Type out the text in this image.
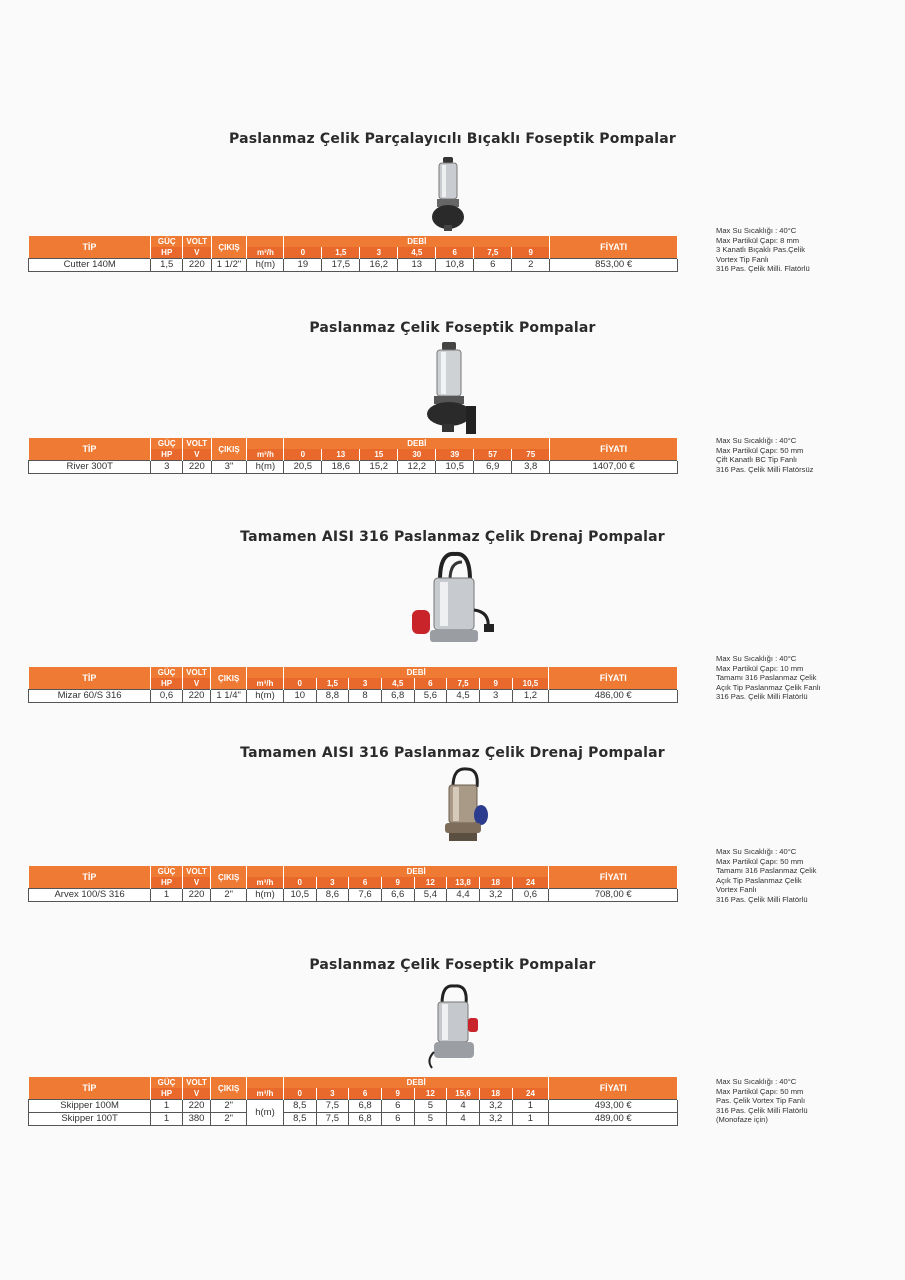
Paslanmaz Çelik Parçalayıcılı Bıçaklı Foseptik Pompalar
TİP	GÜÇ	VOLT	ÇIKIŞ		DEBİ							FİYATI
	HP	V		m³/h	0	1,5	3	4,5	6	7,5	9	
Cutter 140M	1,5	220	1 1/2"	h(m)	19	17,5	16,2	13	10,8	6	2	853,00 €
Max Su Sıcaklığı : 40°C
Max Partikül Çapı: 8 mm
3 Kanatlı Bıçaklı Pas.Çelik
Vortex Tip Fanlı
316 Pas. Çelik Milli. Flatörlü
Paslanmaz Çelik Foseptik Pompalar
TİP	GÜÇ	VOLT	ÇIKIŞ		DEBİ							FİYATI
	HP	V		m³/h	0	13	15	30	39	57	75	
River 300T	3	220	3"	h(m)	20,5	18,6	15,2	12,2	10,5	6,9	3,8	1407,00 €
Max Su Sıcaklığı : 40°C
Max Partikül Çapı: 50 mm
Çift Kanatlı BC Tip Fanlı
316 Pas. Çelik Milli Flatörsüz
Tamamen AISI 316 Paslanmaz Çelik Drenaj Pompalar
TİP	GÜÇ	VOLT	ÇIKIŞ		DEBİ								FİYATI
	HP	V		m³/h	0	1,5	3	4,5	6	7,5	9	10,5	
Mizar 60/S 316	0,6	220	1 1/4"	h(m)	10	8,8	8	6,8	5,6	4,5	3	1,2	486,00 €
Max Su Sıcaklığı : 40°C
Max Partikül Çapı: 10 mm
Tamamı 316 Paslanmaz Çelik
Açık Tip Paslanmaz Çelik Fanlı
316 Pas. Çelik Milli Flatörlü
Tamamen AISI 316 Paslanmaz Çelik Drenaj Pompalar
TİP	GÜÇ	VOLT	ÇIKIŞ		DEBİ								FİYATI
	HP	V		m³/h	0	3	6	9	12	13,8	18	24	
Arvex 100/S 316	1	220	2"	h(m)	10,5	8,6	7,6	6,6	5,4	4,4	3,2	0,6	708,00 €
Max Su Sıcaklığı : 40°C
Max Partikül Çapı: 50 mm
Tamamı 316 Paslanmaz Çelik
Açık Tip Paslanmaz Çelik
Vortex Fanlı
316 Pas. Çelik Milli Flatörlü
Paslanmaz Çelik Foseptik Pompalar
TİP	GÜÇ	VOLT	ÇIKIŞ		DEBİ								FİYATI
	HP	V		m³/h	0	3	6	9	12	15,6	18	24	
Skipper 100M	1	220	2"	h(m)	8,5	7,5	6,8	6	5	4	3,2	1	493,00 €
Skipper 100T	1	380	2"		8,5	7,5	6,8	6	5	4	3,2	1	489,00 €
Max Su Sıcaklığı : 40°C
Max Partikül Çapı: 50 mm
Pas. Çelik Vortex Tip Fanlı
316 Pas. Çelik Milli Flatörlü
(Monofaze için)
